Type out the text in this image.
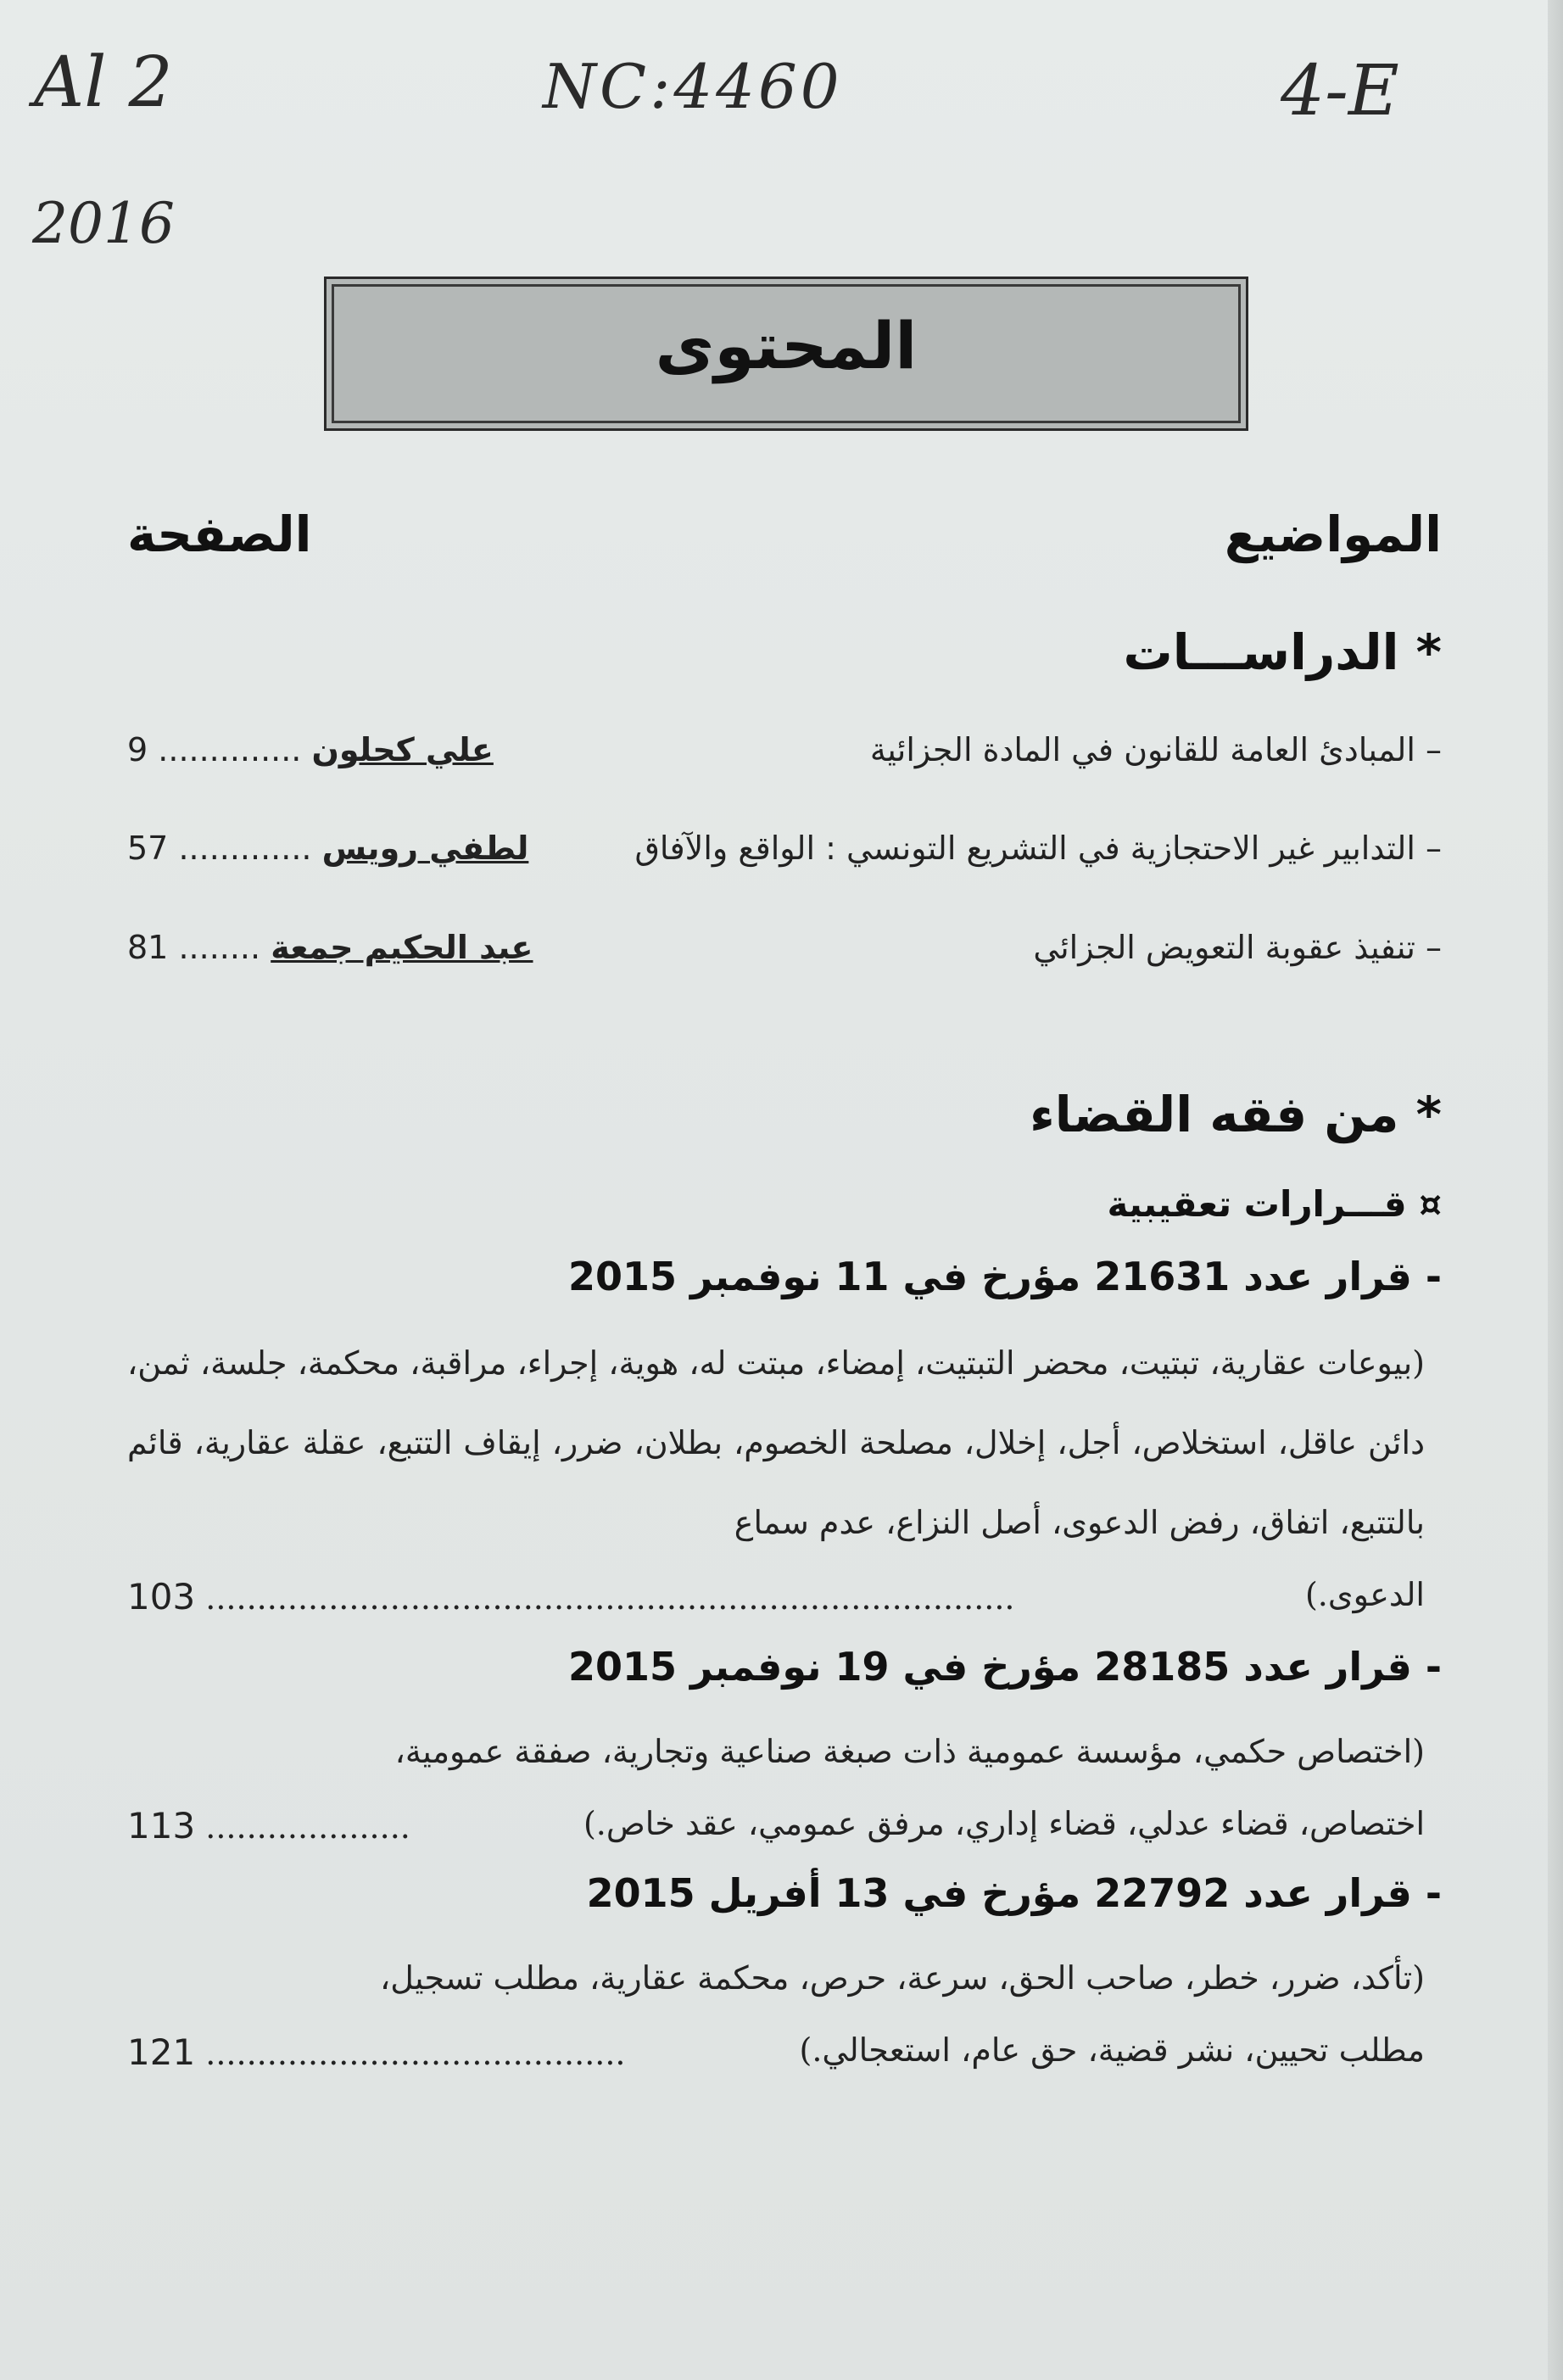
Al 2	NC:4460	4-E
2016
المحتوى
المواضيع
الصفحة
* الدراســـات
– المبادئ العامة للقانون في المادة الجزائية
9 .............. علي كحلون
– التدابير غير الاحتجازية في التشريع التونسي : الواقع والآفاق
57 ............. لطفي رويس
– تنفيذ عقوبة التعويض الجزائي
81 ........ عبد الحكيم جمعة
* من فقه القضاء
¤ قـــرارات تعقيبية
- قرار عدد 21631 مؤرخ في 11 نوفمبر 2015
(بيوعات عقارية، تبتيت، محضر التبتيت، إمضاء، مبتت له، هوية، إجراء، مراقبة، محكمة، جلسة، ثمن، دائن عاقل، استخلاص، أجل، إخلال، مصلحة الخصوم، بطلان، ضرر، إيقاف التتبع، عقلة عقارية، قائم بالتتبع، اتفاق، رفض الدعوى، أصل النزاع، عدم سماع
الدعوى.)
103 ...............................................................................
- قرار عدد 28185 مؤرخ في 19 نوفمبر 2015
(اختصاص حكمي، مؤسسة عمومية ذات صبغة صناعية وتجارية، صفقة عمومية،
اختصاص، قضاء عدلي، قضاء إداري، مرفق عمومي، عقد خاص.)
113 ....................
- قرار عدد 22792 مؤرخ في 13 أفريل 2015
(تأكد، ضرر، خطر، صاحب الحق، سرعة، حرص، محكمة عقارية، مطلب تسجيل،
مطلب تحيين، نشر قضية، حق عام، استعجالي.)
121 .........................................
